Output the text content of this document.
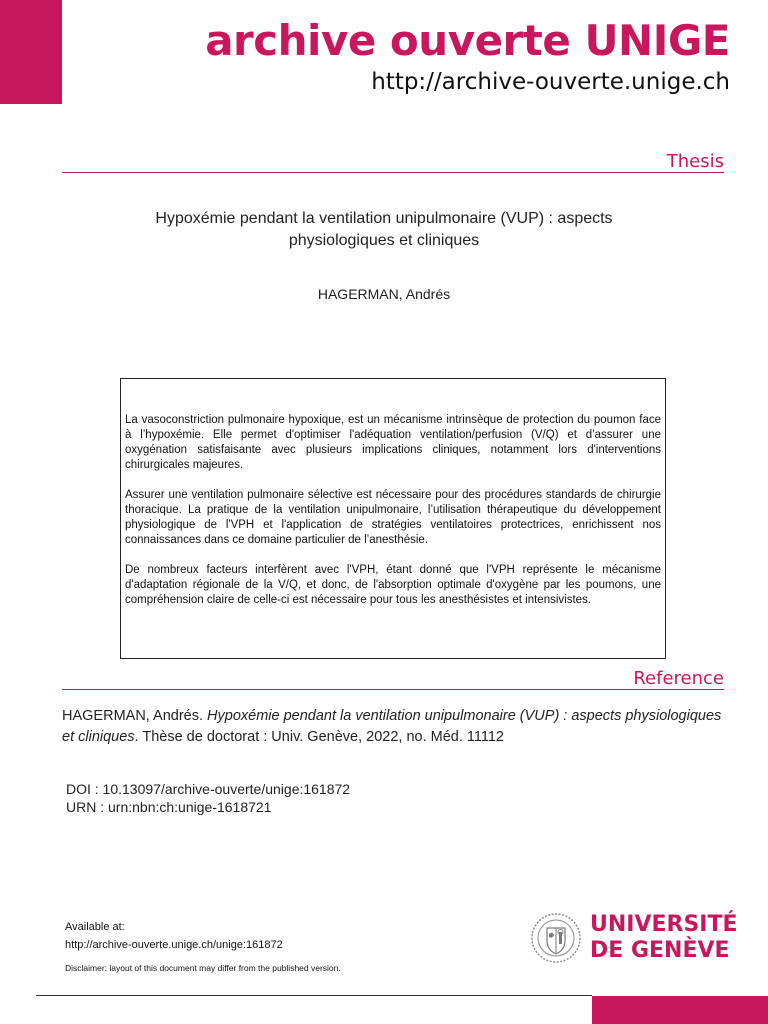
archive ouverte UNIGE
http://archive-ouverte.unige.ch
Thesis
Hypoxémie pendant la ventilation unipulmonaire (VUP) : aspects
physiologiques et cliniques
HAGERMAN, Andrés

La vasoconstriction pulmonaire hypoxique, est un mécanisme intrinsèque de protection du poumon face à l’hypoxémie. Elle permet d'optimiser l'adéquation ventilation/perfusion (V/Q) et d’assurer une oxygénation satisfaisante avec plusieurs implications cliniques, notamment lors d'interventions chirurgicales majeures.

Assurer une ventilation pulmonaire sélective est nécessaire pour des procédures standards de chirurgie thoracique. La pratique de la ventilation unipulmonaire, l’utilisation thérapeutique du développement physiologique de l'VPH et l'application de stratégies ventilatoires protectrices, enrichissent nos connaissances dans ce domaine particulier de l’anesthésie.

De nombreux facteurs interfèrent avec l'VPH, étant donné que l'VPH représente le mécanisme d'adaptation régionale de la V/Q, et donc, de l'absorption optimale d'oxygène par les poumons, une compréhension claire de celle-ci est nécessaire pour tous les anesthésistes et intensivistes.

Reference
HAGERMAN, Andrés. Hypoxémie pendant la ventilation unipulmonaire (VUP) : aspects physiologiques et cliniques. Thèse de doctorat : Univ. Genève, 2022, no. Méd. 11112
DOI : 10.13097/archive-ouverte/unige:161872
URN : urn:nbn:ch:unige-1618721
Available at:
http://archive-ouverte.unige.ch/unige:161872
Disclaimer: layout of this document may differ from the published version.
UNIVERSITÉ
DE GENÈVE
